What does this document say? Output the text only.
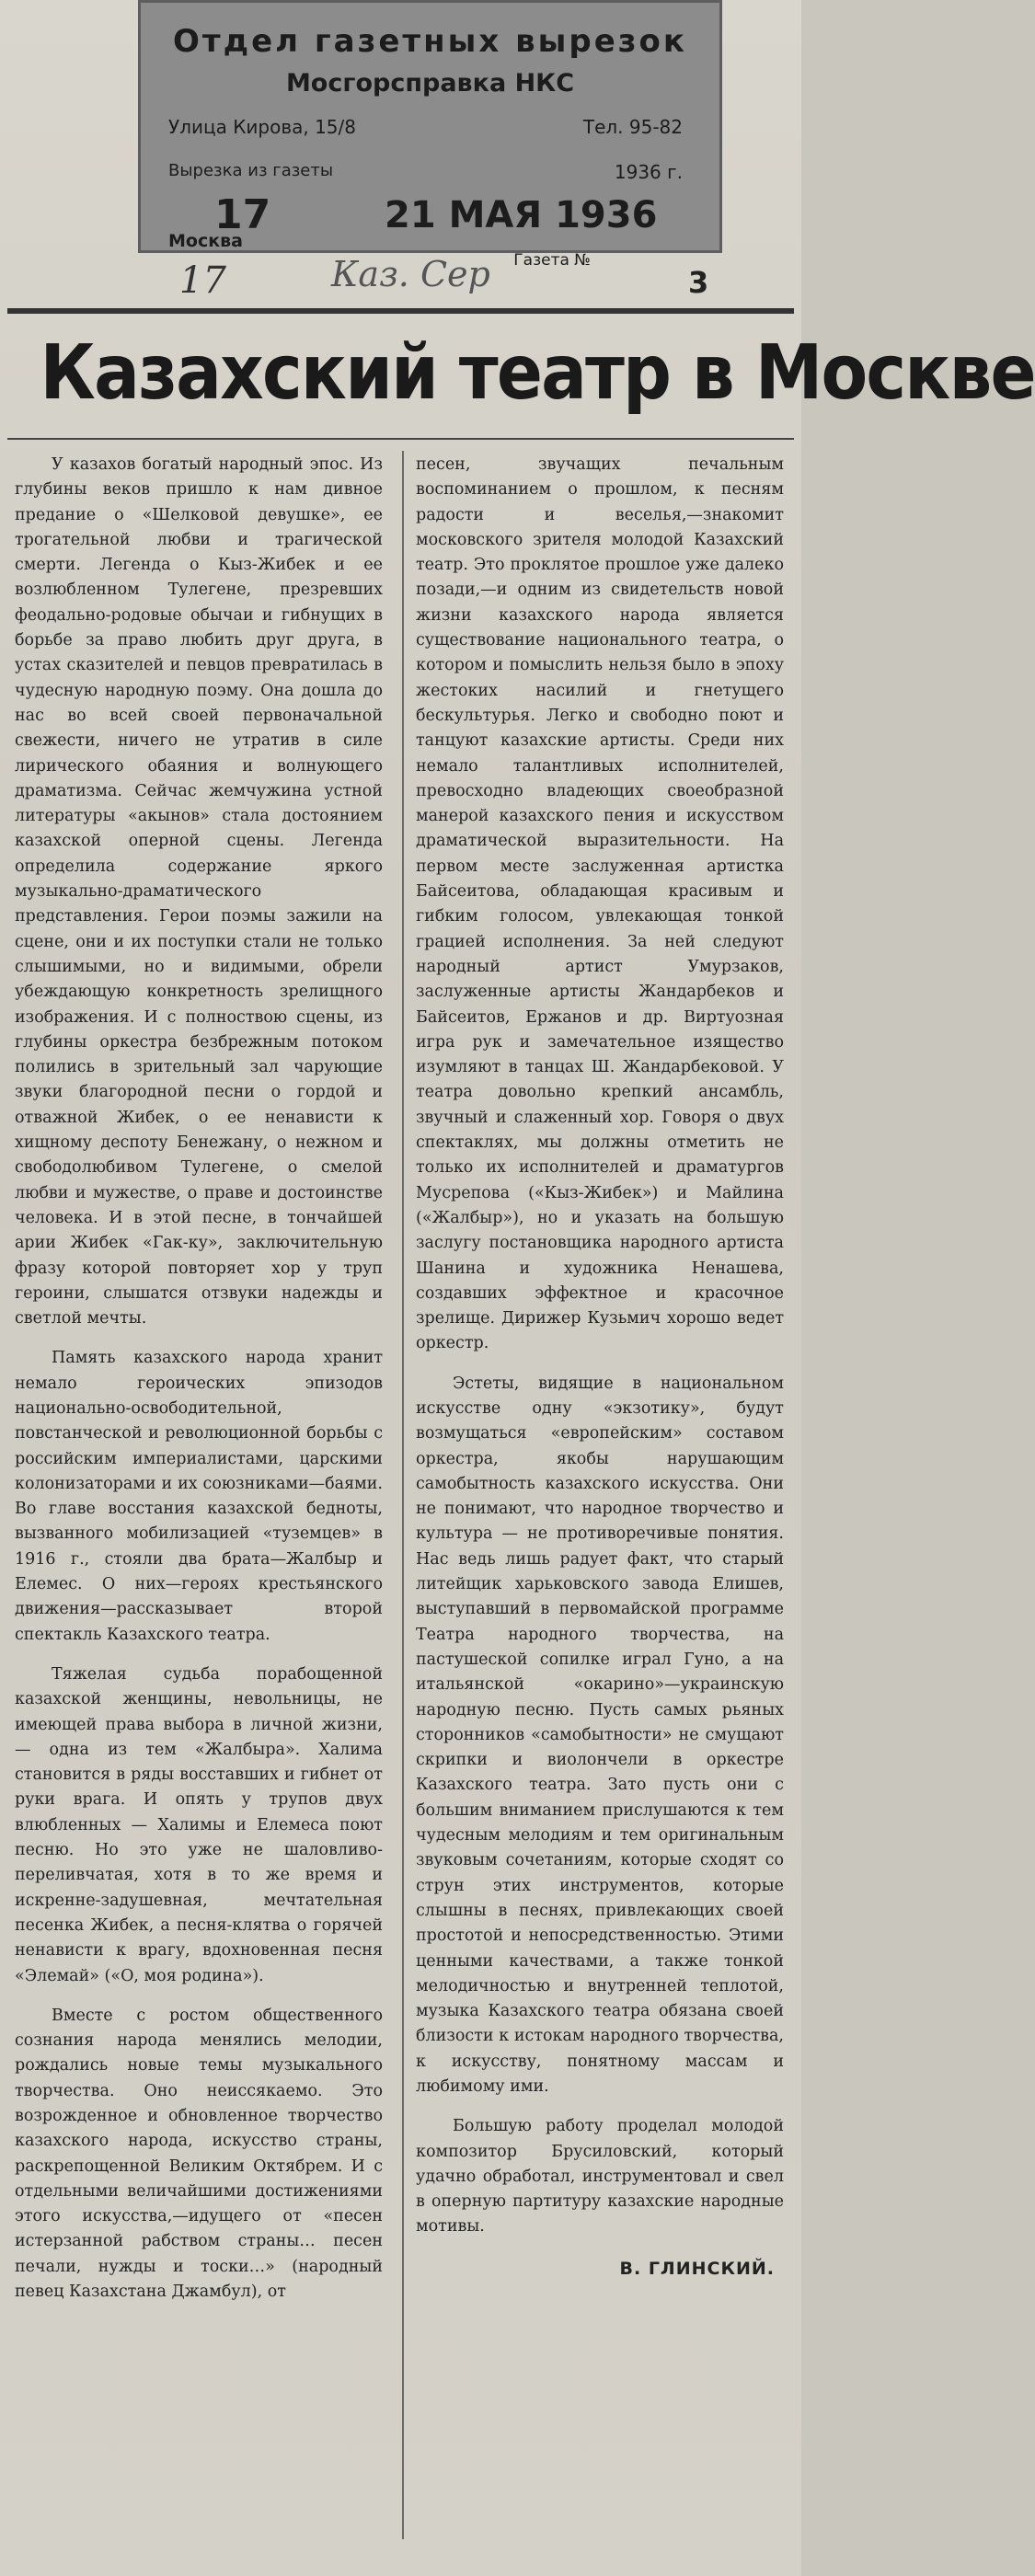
Отдел газетных вырезок
Мосгорсправка НКС
Улица Кирова, 15/8	Тел. 95-82
Вырезка из газеты	1936 г.
17	21 МАЯ 1936
Москва
Газета №
17	Каз. Сер	3
Казахский театр в Москве

У казахов богатый народный эпос. Из глубины веков пришло к нам дивное предание о «Шелковой девушке», ее трогательной любви и трагической смерти. Легенда о Кыз-Жибек и ее возлюбленном Тулегене, презревших феодально-родовые обычаи и гибнущих в борьбе за право любить друг друга, в устах сказителей и певцов превратилась в чудесную народную поэму. Она дошла до нас во всей своей первоначальной свежести, ничего не утратив в силе лирического обаяния и волнующего драматизма. Сейчас жемчужина устной литературы «акынов» стала достоянием казахской оперной сцены. Легенда определила содержание яркого музыкально-драматического представления. Герои поэмы зажили на сцене, они и их поступки стали не только слышимыми, но и видимыми, обрели убеждающую конкретность зрелищного изображения. И с полноствою сцены, из глубины оркестра безбрежным потоком полились в зрительный зал чарующие звуки благородной песни о гордой и отважной Жибек, о ее ненависти к хищному деспоту Бенежану, о нежном и свободолюбивом Тулегене, о смелой любви и мужестве, о праве и достоинстве человека. И в этой песне, в тончайшей арии Жибек «Гак-ку», заключительную фразу которой повторяет хор у труп героини, слышатся отзвуки надежды и светлой мечты.

Память казахского народа хранит немало героических эпизодов национально-освободительной, повстанческой и революционной борьбы с российским империалистами, царскими колонизаторами и их союзниками—баями. Во главе восстания казахской бедноты, вызванного мобилизацией «туземцев» в 1916 г., стояли два брата—Жалбыр и Елемес. О них—героях крестьянского движения—рассказывает второй спектакль Казахского театра.

Тяжелая судьба порабощенной казахской женщины, невольницы, не имеющей права выбора в личной жизни, — одна из тем «Жалбыра». Халима становится в ряды восставших и гибнет от руки врага. И опять у трупов двух влюбленных — Халимы и Елемеса поют песню. Но это уже не шаловливо-переливчатая, хотя в то же время и искренне-задушевная, мечтательная песенка Жибек, а песня-клятва о горячей ненависти к врагу, вдохновенная песня «Элемай» («О, моя родина»).

Вместе с ростом общественного сознания народа менялись мелодии, рождались новые темы музыкального творчества. Оно неиссякаемо. Это возрожденное и обновленное творчество казахского народа, искусство страны, раскрепощенной Великим Октябрем. И с отдельными величайшими достижениями этого искусства,—идущего от «песен истерзанной рабством страны… песен печали, нужды и тоски…» (народный певец Казахстана Джамбул), от

песен, звучащих печальным воспоминанием о прошлом, к песням радости и веселья,—знакомит московского зрителя молодой Казахский театр. Это проклятое прошлое уже далеко позади,—и одним из свидетельств новой жизни казахского народа является существование национального театра, о котором и помыслить нельзя было в эпоху жестоких насилий и гнетущего бескультурья. Легко и свободно поют и танцуют казахские артисты. Среди них немало талантливых исполнителей, превосходно владеющих своеобразной манерой казахского пения и искусством драматической выразительности. На первом месте заслуженная артистка Байсеитова, обладающая красивым и гибким голосом, увлекающая тонкой грацией исполнения. За ней следуют народный артист Умурзаков, заслуженные артисты Жандарбеков и Байсеитов, Ержанов и др. Виртуозная игра рук и замечательное изящество изумляют в танцах Ш. Жандарбековой. У театра довольно крепкий ансамбль, звучный и слаженный хор. Говоря о двух спектаклях, мы должны отметить не только их исполнителей и драматургов Мусрепова («Кыз-Жибек») и Майлина («Жалбыр»), но и указать на большую заслугу постановщика народного артиста Шанина и художника Ненашева, создавших эффектное и красочное зрелище. Дирижер Кузьмич хорошо ведет оркестр.

Эстеты, видящие в национальном искусстве одну «экзотику», будут возмущаться «европейским» составом оркестра, якобы нарушающим самобытность казахского искусства. Они не понимают, что народное творчество и культура — не противоречивые понятия. Нас ведь лишь радует факт, что старый литейщик харьковского завода Елишев, выступавший в первомайской программе Театра народного творчества, на пастушеской сопилке играл Гуно, а на итальянской «окарино»—украинскую народную песню. Пусть самых рьяных сторонников «самобытности» не смущают скрипки и виолончели в оркестре Казахского театра. Зато пусть они с большим вниманием прислушаются к тем чудесным мелодиям и тем оригинальным звуковым сочетаниям, которые сходят со струн этих инструментов, которые слышны в песнях, привлекающих своей простотой и непосредственностью. Этими ценными качествами, а также тонкой мелодичностью и внутренней теплотой, музыка Казахского театра обязана своей близости к истокам народного творчества, к искусству, понятному массам и любимому ими.

Большую работу проделал молодой композитор Брусиловский, который удачно обработал, инструментовал и свел в оперную партитуру казахские народные мотивы.

В. ГЛИНСКИЙ.
